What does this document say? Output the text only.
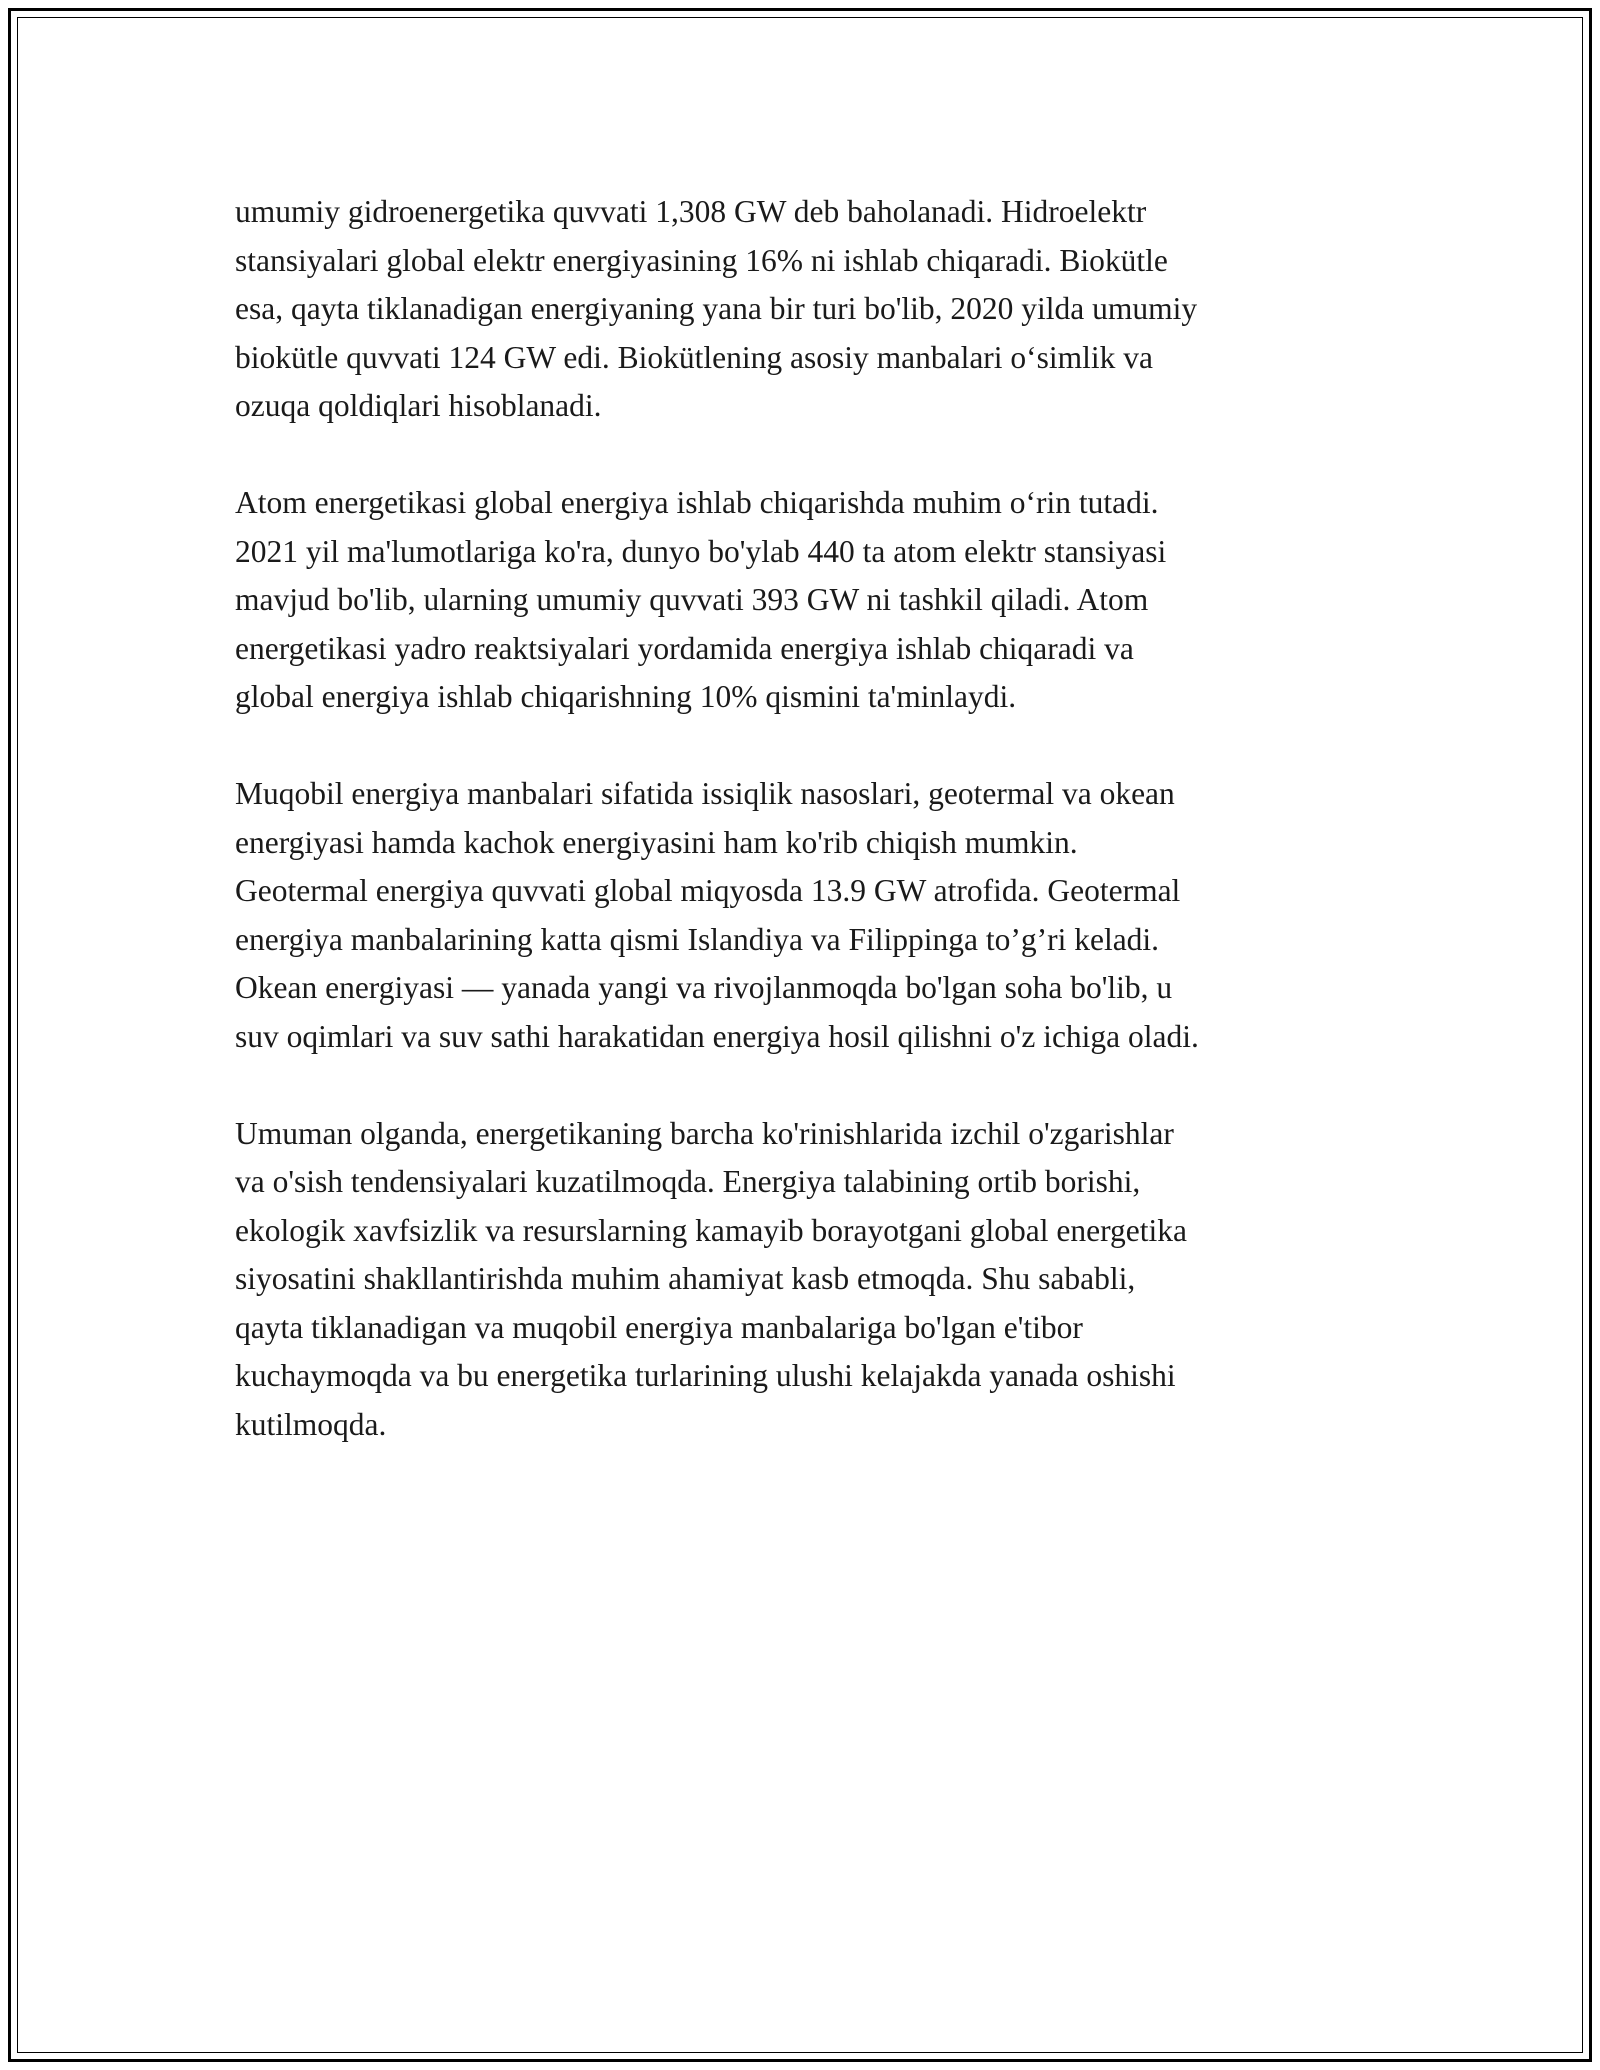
umumiy gidroenergetika quvvati 1,308 GW deb baholanadi. Hidroelektr
stansiyalari global elektr energiyasining 16% ni ishlab chiqaradi. Biokütle
esa, qayta tiklanadigan energiyaning yana bir turi bo'lib, 2020 yilda umumiy
biokütle quvvati 124 GW edi. Biokütlening asosiy manbalari o‘simlik va
ozuqa qoldiqlari hisoblanadi.

Atom energetikasi global energiya ishlab chiqarishda muhim o‘rin tutadi.
2021 yil ma'lumotlariga ko'ra, dunyo bo'ylab 440 ta atom elektr stansiyasi
mavjud bo'lib, ularning umumiy quvvati 393 GW ni tashkil qiladi. Atom
energetikasi yadro reaktsiyalari yordamida energiya ishlab chiqaradi va
global energiya ishlab chiqarishning 10% qismini ta'minlaydi.

Muqobil energiya manbalari sifatida issiqlik nasoslari, geotermal va okean
energiyasi hamda kachok energiyasini ham ko'rib chiqish mumkin.
Geotermal energiya quvvati global miqyosda 13.9 GW atrofida. Geotermal
energiya manbalarining katta qismi Islandiya va Filippinga to’g’ri keladi.
Okean energiyasi — yanada yangi va rivojlanmoqda bo'lgan soha bo'lib, u
suv oqimlari va suv sathi harakatidan energiya hosil qilishni o'z ichiga oladi.

Umuman olganda, energetikaning barcha ko'rinishlarida izchil o'zgarishlar
va o'sish tendensiyalari kuzatilmoqda. Energiya talabining ortib borishi,
ekologik xavfsizlik va resurslarning kamayib borayotgani global energetika
siyosatini shakllantirishda muhim ahamiyat kasb etmoqda. Shu sababli,
qayta tiklanadigan va muqobil energiya manbalariga bo'lgan e'tibor
kuchaymoqda va bu energetika turlarining ulushi kelajakda yanada oshishi
kutilmoqda.
